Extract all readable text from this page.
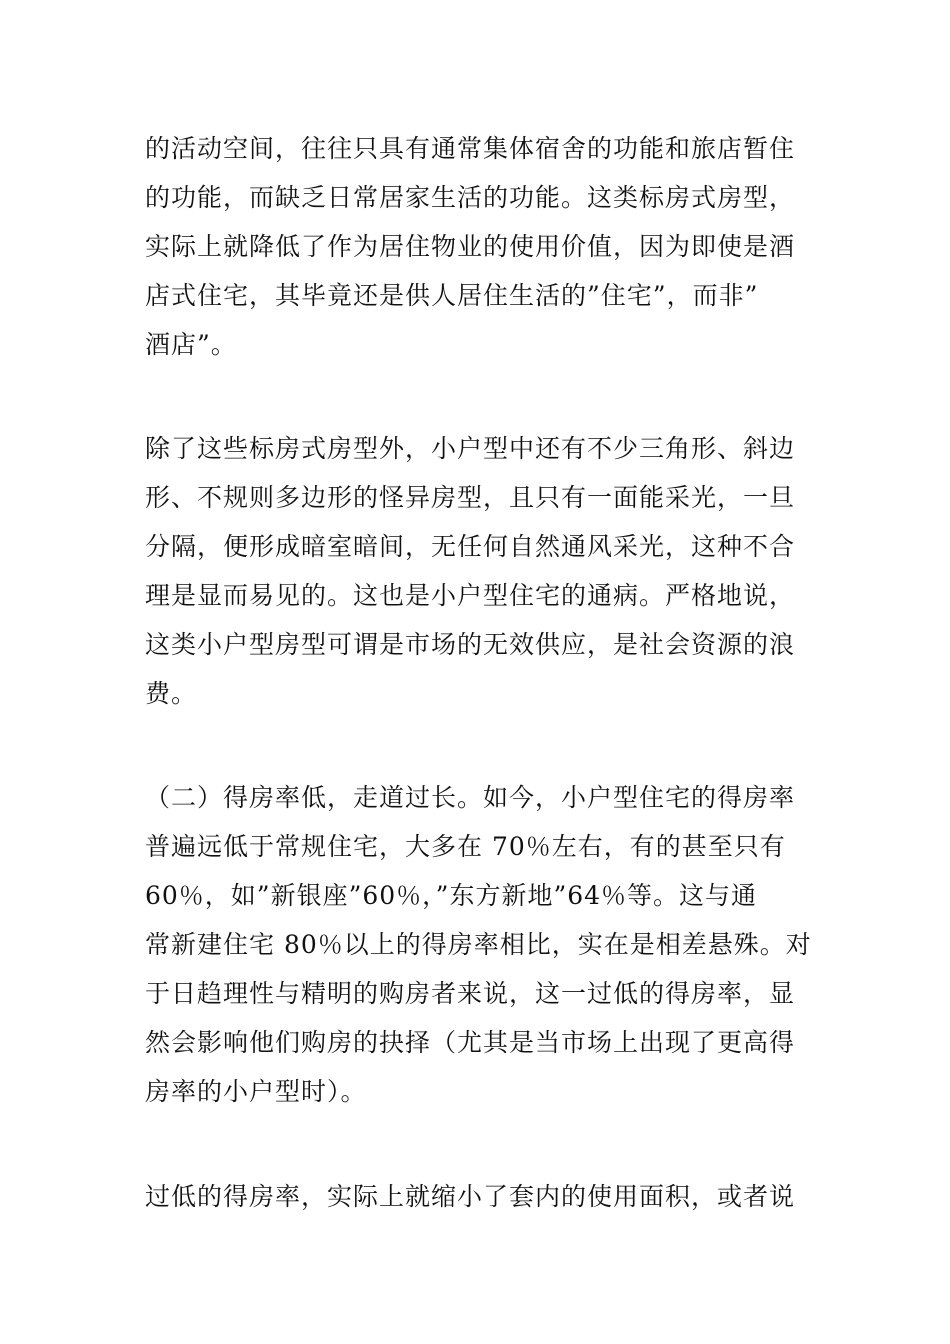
的活动空间，往往只具有通常集体宿舍的功能和旅店暂住
的功能，而缺乏日常居家生活的功能。这类标房式房型，
实际上就降低了作为居住物业的使用价值，因为即使是酒
店式住宅，其毕竟还是供人居住生活的”住宅”，而非”
酒店”。
除了这些标房式房型外，小户型中还有不少三角形、斜边
形、不规则多边形的怪异房型，且只有一面能采光，一旦
分隔，便形成暗室暗间，无任何自然通风采光，这种不合
理是显而易见的。这也是小户型住宅的通病。严格地说，
这类小户型房型可谓是市场的无效供应，是社会资源的浪
费。
（二）得房率低，走道过长。如今，小户型住宅的得房率
普遍远低于常规住宅，大多在 70％左右，有的甚至只有
60％，如”新银座”60％，”东方新地”64％等。这与通
常新建住宅 80％以上的得房率相比，实在是相差悬殊。对
于日趋理性与精明的购房者来说，这一过低的得房率，显
然会影响他们购房的抉择（尤其是当市场上出现了更高得
房率的小户型时）。
过低的得房率，实际上就缩小了套内的使用面积，或者说
